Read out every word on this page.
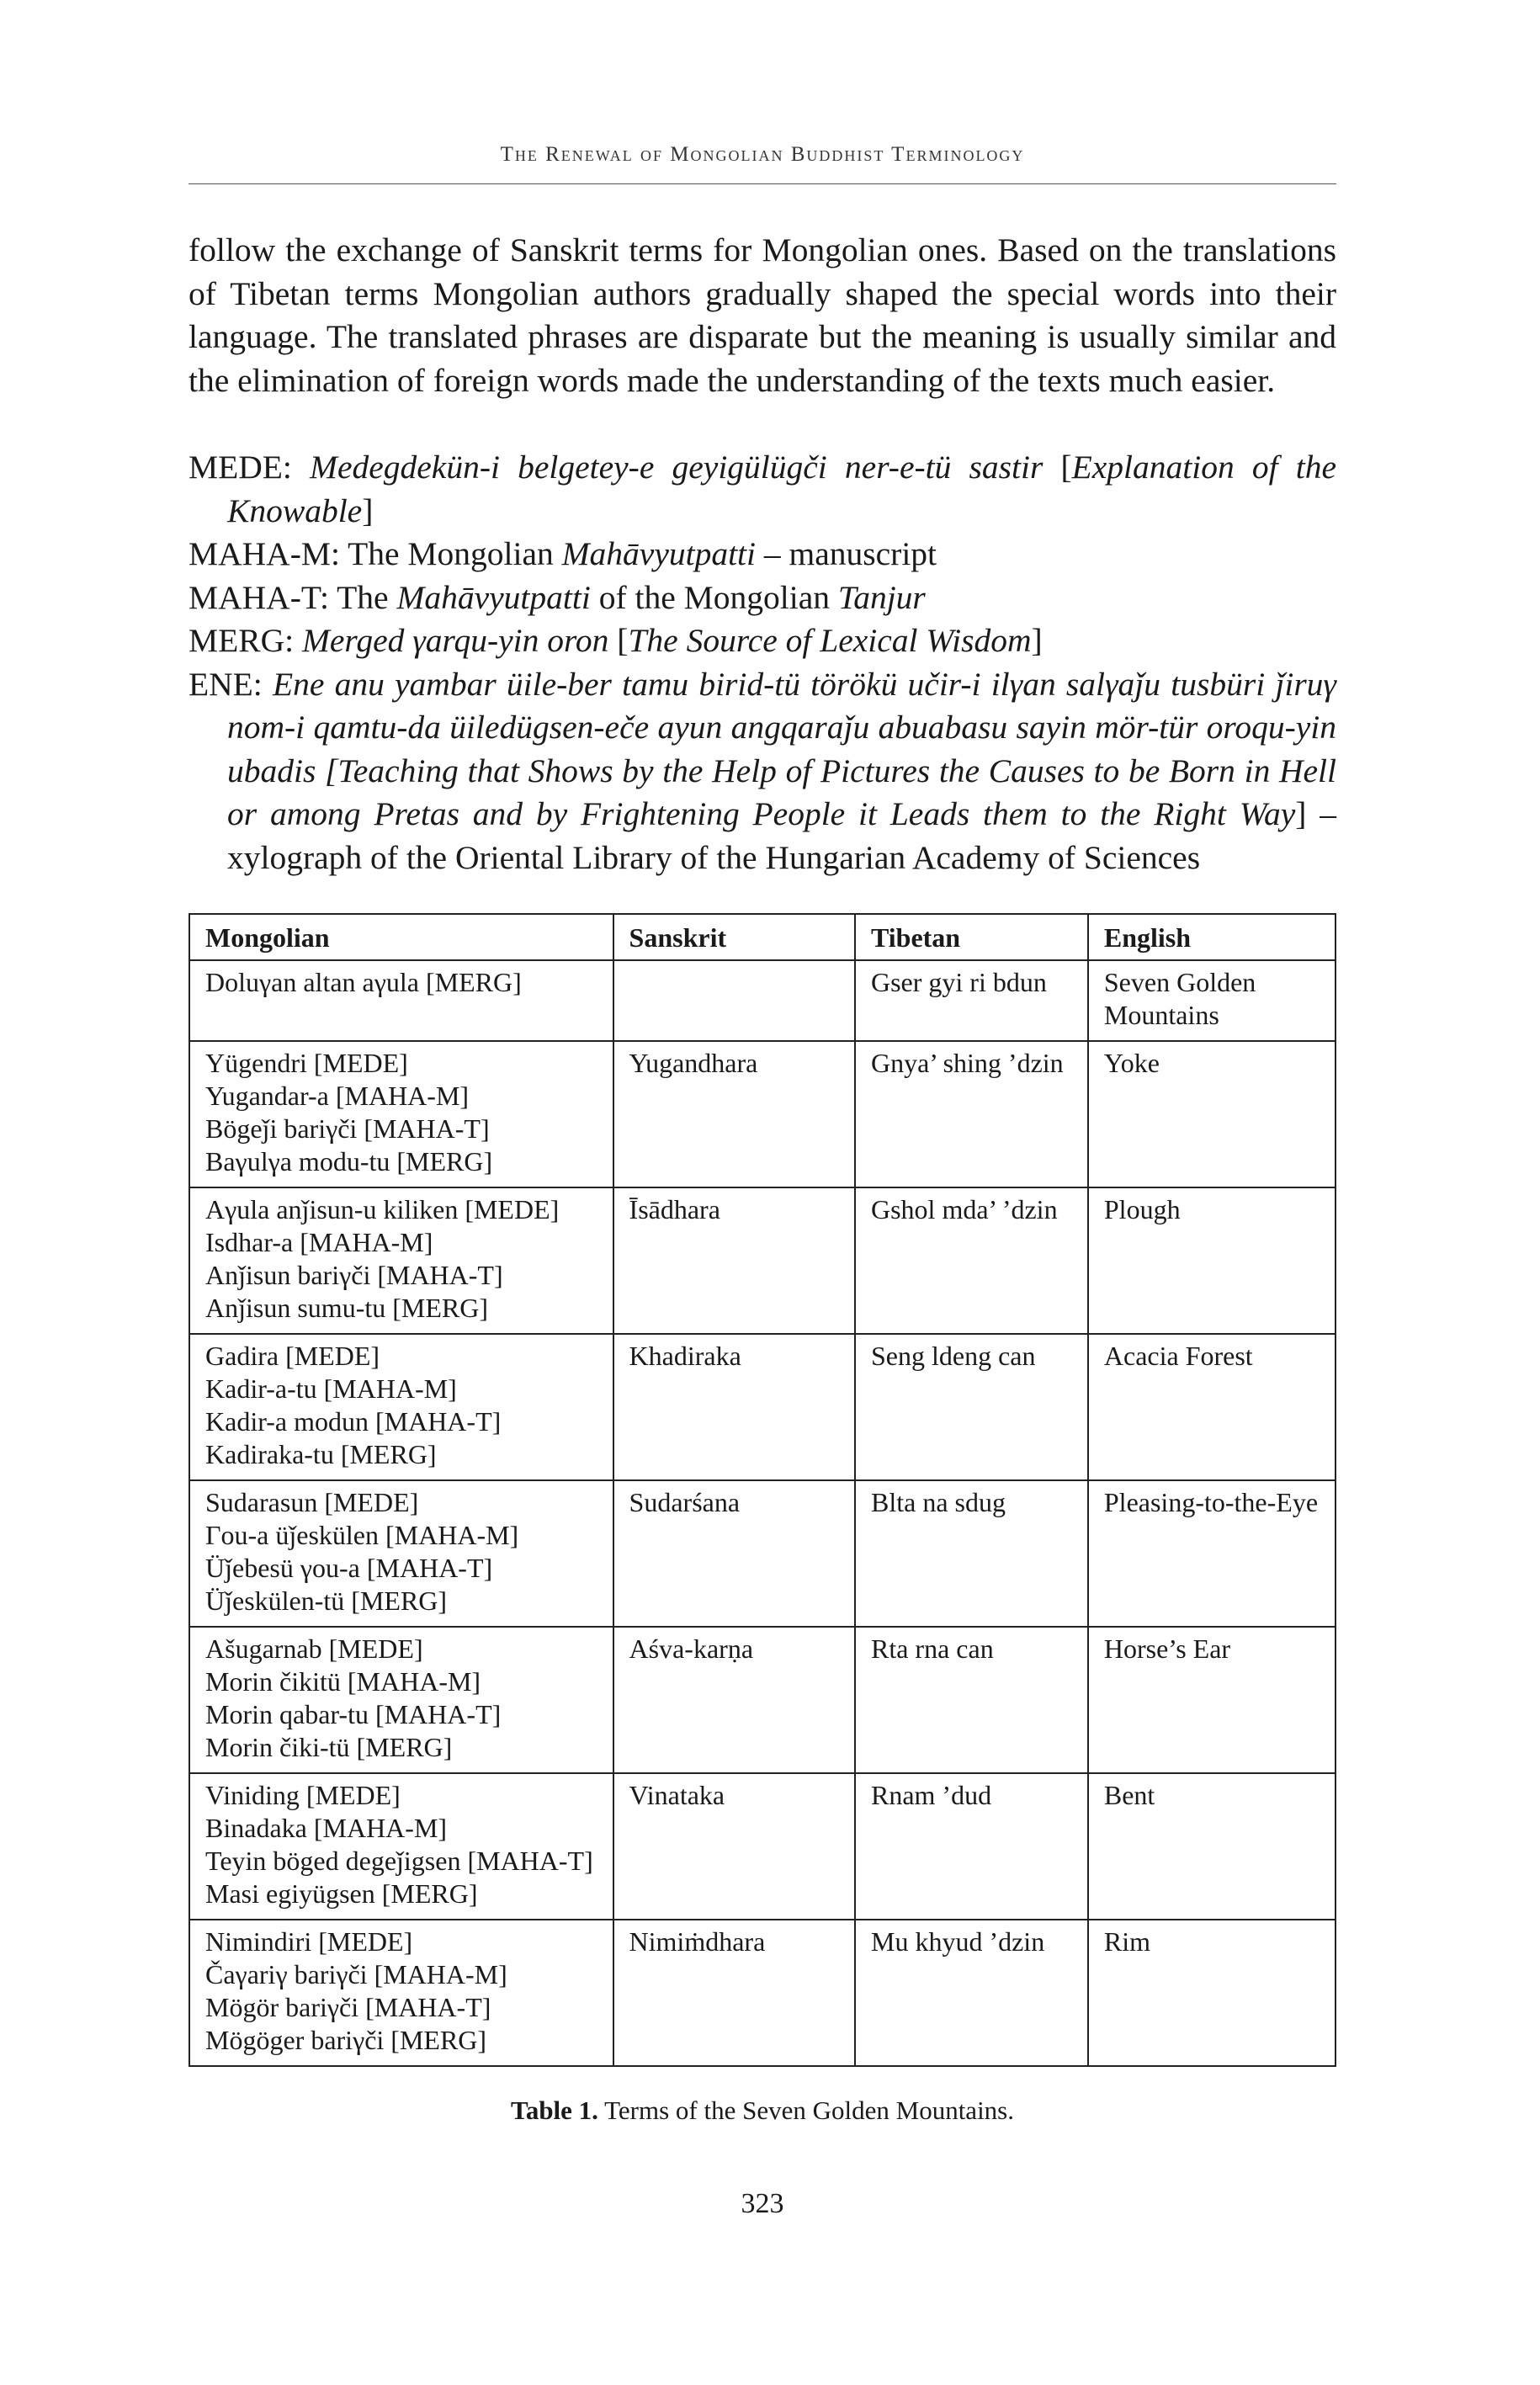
The Renewal of Mongolian Buddhist Terminology

follow the exchange of Sanskrit terms for Mongolian ones. Based on the translations of Tibetan terms Mongolian authors gradually shaped the special words into their language. The translated phrases are disparate but the meaning is usually similar and the elimination of foreign words made the understanding of the texts much easier.

MEDE: Medegdekün-i belgetey-e geyigülügči ner-e-tü sastir [Explanation of the Knowable]
MAHA-M: The Mongolian Mahāvyutpatti – manuscript
MAHA-T: The Mahāvyutpatti of the Mongolian Tanjur
MERG: Merged γarqu-yin oron [The Source of Lexical Wisdom]
ENE: Ene anu yambar üile-ber tamu birid-tü törökü učir-i ilγan salγaǰu tusbüri ǰiruγ nom-i qamtu-da üiledügsen-eče ayun angqaraǰu abuabasu sayin mör-tür oroqu-yin ubadis [Teaching that Shows by the Help of Pictures the Causes to be Born in Hell or among Pretas and by Frightening People it Leads them to the Right Way] – xylograph of the Oriental Library of the Hungarian Academy of Sciences
Mongolian	Sanskrit	Tibetan	English

Doluγan altan aγula [MERG]		Gser gyi ri bdun	Seven Golden Mountains

Yügendri [MEDE]
Yugandar-a [MAHA-M]
Bögeǰi bariγči [MAHA-T]
Baγulγa modu-tu [MERG]	Yugandhara	Gnya’ shing ’dzin	Yoke

Aγula anǰisun-u kiliken [MEDE]
Isdhar-a [MAHA-M]
Anǰisun bariγči [MAHA-T]
Anǰisun sumu-tu [MERG]	Īsādhara	Gshol mda’ ’dzin	Plough

Gadira [MEDE]
Kadir-a-tu [MAHA-M]
Kadir-a modun [MAHA-T]
Kadiraka-tu [MERG]	Khadiraka	Seng ldeng can	Acacia Forest

Sudarasun [MEDE]
Γou-a üǰeskülen [MAHA-M]
Üǰebesü γou-a [MAHA-T]
Üǰeskülen-tü [MERG]	Sudarśana	Blta na sdug	Pleasing-to-the-Eye

Ašugarnab [MEDE]
Morin čikitü [MAHA-M]
Morin qabar-tu [MAHA-T]
Morin čiki-tü [MERG]	Aśva-karṇa	Rta rna can	Horse’s Ear

Viniding [MEDE]
Binadaka [MAHA-M]
Teyin böged degeǰigsen [MAHA-T]
Masi egiyügsen [MERG]	Vinataka	Rnam ’dud	Bent

Nimindiri [MEDE]
Čaγariγ bariγči [MAHA-M]
Mögör bariγči [MAHA-T]
Mögöger bariγči [MERG]	Nimiṁdhara	Mu khyud ’dzin	Rim
Table 1. Terms of the Seven Golden Mountains.
323
